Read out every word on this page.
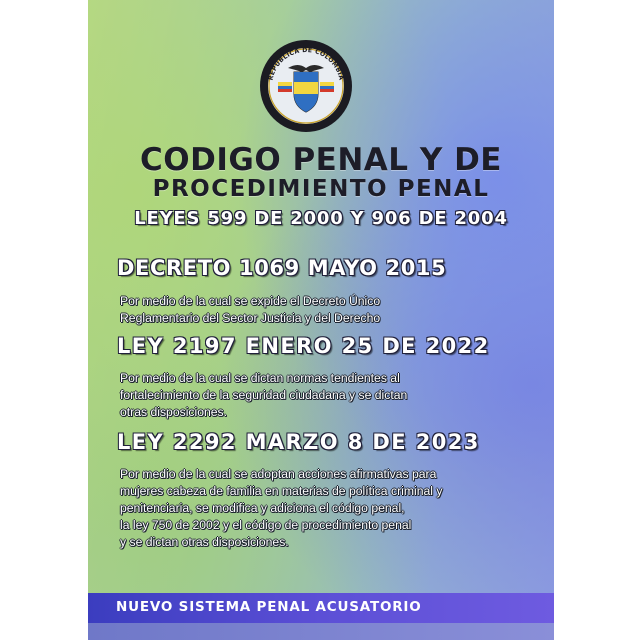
REPÚBLICA DE COLOMBIA
CODIGO PENAL Y DE
PROCEDIMIENTO PENAL
LEYES 599 DE 2000 Y 906 DE 2004
DECRETO 1069 MAYO 2015
Por medio de la cual se expide el Decreto Único
Reglamentario del Sector Justicia y del Derecho
LEY 2197 ENERO 25 DE 2022
Por medio de la cual se dictan normas tendientes al
fortalecimiento de la seguridad ciudadana y se dictan
otras disposiciones.
LEY 2292 MARZO 8 DE 2023
Por medio de la cual se adoptan acciones afirmativas para
mujeres cabeza de familia en materias de política criminal y
penitenciaria, se modifica y adiciona el código penal,
la ley 750 de 2002 y el código de procedimiento penal
y se dictan otras disposiciones.
NUEVO SISTEMA PENAL ACUSATORIO
